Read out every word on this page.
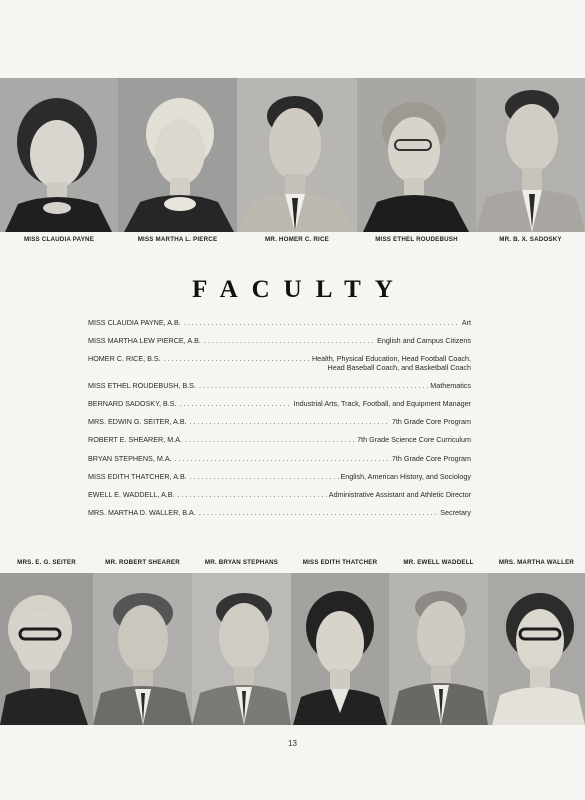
MISS CLAUDIA PAYNE	MISS MARTHA L. PIERCE	MR. HOMER C. RICE	MISS ETHEL ROUDEBUSH	MR. B. X. SADOSKY
FACULTY
MISS CLAUDIA PAYNE, A.B. . . .	Art
MISS MARTHA LEW PIERCE, A.B. . . .	English and Campus Citizens
HOMER C. RICE, B.S. . . .	Health, Physical Education, Head Football Coach,
Head Baseball Coach, and Basketball Coach
MISS ETHEL ROUDEBUSH, B.S. . . .	Mathematics
BERNARD SADOSKY, B.S. . . .	Industrial Arts, Track, Football, and Equipment Manager
MRS. EDWIN G. SEITER, A.B. . . .	7th Grade Core Program
ROBERT E. SHEARER, M.A. . . .	7th Grade Science Core Curriculum
BRYAN STEPHENS, M.A. . . .	7th Grade Core Program
MISS EDITH THATCHER, A.B. . . .	English, American History, and Sociology
EWELL E. WADDELL, A.B. . . .	Administrative Assistant and Athletic Director
MRS. MARTHA D. WALLER, B.A. . . .	Secretary
MRS. E. G. SEITER	MR. ROBERT SHEARER	MR. BRYAN STEPHANS	MISS EDITH THATCHER	MR. EWELL WADDELL	MRS. MARTHA WALLER
13
